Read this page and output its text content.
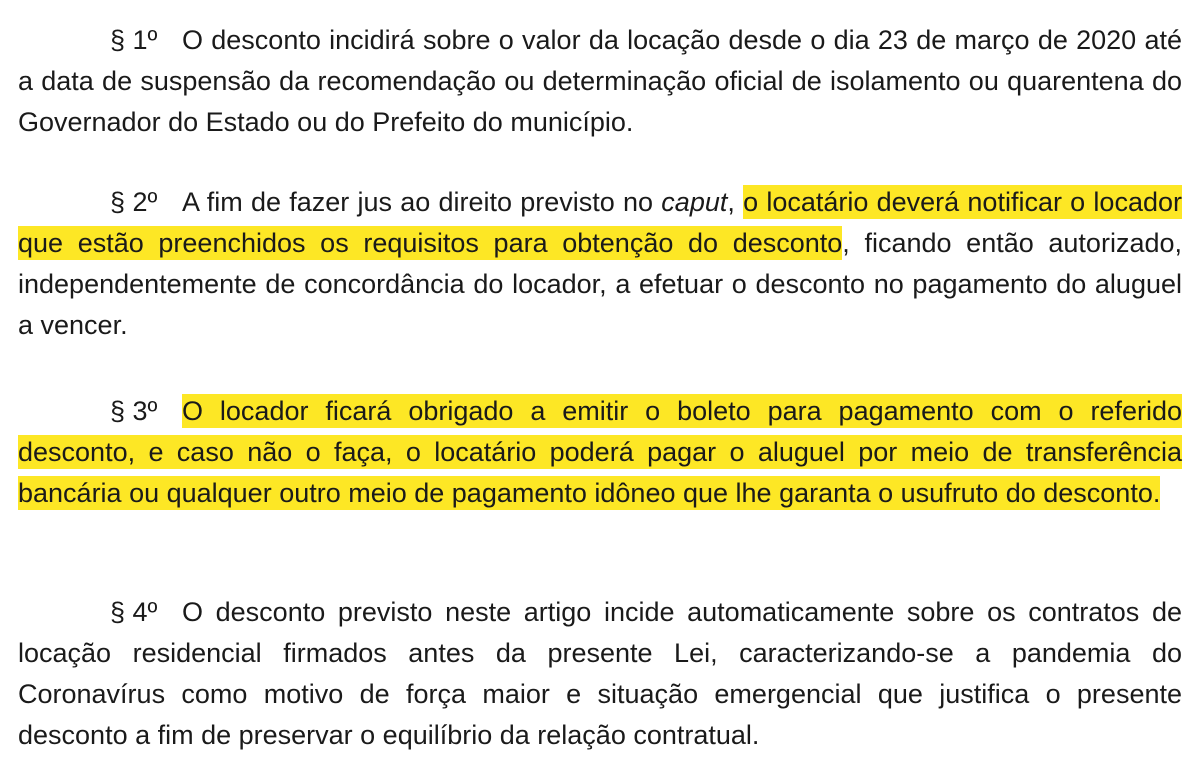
§ 1º O desconto incidirá sobre o valor da locação desde o dia 23 de março de 2020 até a data de suspensão da recomendação ou determinação oficial de isolamento ou quarentena do Governador do Estado ou do Prefeito do município.

§ 2º A fim de fazer jus ao direito previsto no caput, o locatário deverá notificar o locador que estão preenchidos os requisitos para obtenção do desconto, ficando então autorizado, independentemente de concordância do locador, a efetuar o desconto no pagamento do aluguel a vencer.

§ 3º O locador ficará obrigado a emitir o boleto para pagamento com o referido desconto, e caso não o faça, o locatário poderá pagar o aluguel por meio de transferência bancária ou qualquer outro meio de pagamento idôneo que lhe garanta o usufruto do desconto.

§ 4º O desconto previsto neste artigo incide automaticamente sobre os contratos de locação residencial firmados antes da presente Lei, caracterizando-se a pandemia do Coronavírus como motivo de força maior e situação emergencial que justifica o presente desconto a fim de preservar o equilíbrio da relação contratual.
